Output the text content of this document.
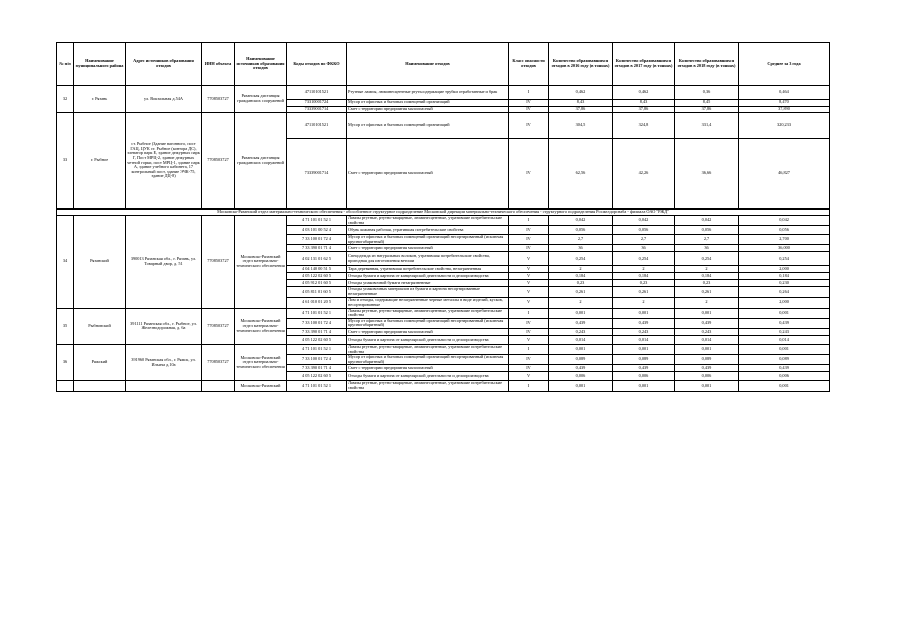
№ п/п	Наименование муниципального района	Адрес источников образования отходов	ИНН объекта	Наименование источников образования отходов	Коды отходов по ФККО	Наименование отходов	Класс опасности отходов	Количество образовавшихся отходов в 2016 году (в тоннах)	Количество образовавшихся отходов в 2017 году (в тоннах)	Количество образовавшихся отходов в 2018 году (в тоннах)	Среднее за 3 года
32	г. Рязань	ул. Вокзальная д.54А	7708503727	Рязанская дистанция гражданских сооружений	47110101521	Ртутные лампы, люминесцентные ртутьсодержащие трубки отработанные и брак	I	0,462	0,462	0,36	0,464
					73310001724	Мусор от офисных и бытовых помещений организаций	IV	8,43	8,43	8,45	8,470
					73339001714	Смет с территории предприятия малоопасный	IV	37,86	37,86	37,86	37,890
33	г. Рыбное	ст. Рыбное (Здание вагонного, пост ГАЦ, ЦУК ст. Рыбное (контора ДС), элеватор парк Е, здание дежурных парк Г, Пост МРЦ-2, здание дежурных четной горки, пост МРЦ-1, здание парк А, здание учебного кабинета, 17 контрольный пост, здание ЭЧК-75, здание ДЦ-8)	7708503727	Рязанская дистанция гражданских сооружений	47110101521	Мусор от офисных и бытовых помещений организаций	IV	304,5	324,8	331,4	320,233
					73339001714	Смет с территории предприятия малоопасный	IV	62,56	42,26	36,66	46,827
Московско-Рязанский отдел материально-технического обеспечения - обособленное структурное подразделение Московской дирекции материально-технического обеспечения - структурного подразделения Росжелдорснаба - филиала ОАО "РЖД"											
34	Рязанский	390013 Рязанская обл., г. Рязань, ул. Товарный двор, д. 51	7708503727	Московско-Рязанский отдел материально-технического обеспечения	4 71 101 01 52 1	Лампы ртутные, ртутно-кварцевые, люминесцентные, утратившие потребительские свойства	I	0,042	0,042	0,042	0,042
					4 03 101 00 52 4	Обувь кожаная рабочая, утратившая потребительские свойства	IV	0,056	0,056	0,056	0,056
					7 33 100 01 72 4	Мусор от офисных и бытовых помещений организаций несортированный (исключая крупногабаритный)	IV	2,7	2,7	2,7	2,700
					7 33 390 01 71 4	Смет с территории предприятия малоопасный	IV	36	36	36	36,000
					4 02 131 01 62 5	Спецодежда из натуральных волокон, утратившая потребительские свойства, пригодная для изготовления ветоши	V	0,254	0,254	0,254	0,254
					4 04 140 00 51 5	Тара деревянная, утратившая потребительские свойства, незагрязненная	V	2	2	2	2,000
					4 05 122 02 60 5	Отходы бумаги и картона от канцелярской деятельности и делопроизводства	V	0,184	0,184	0,184	0,184
					4 05 912 01 60 5	Отходы упаковочной бумаги незагрязненные	V	0,23	0,23	0,23	0,230
					4 05 811 01 60 5	Отходы упаковочных материалов из бумаги и картона несортированные незагрязненные	V	0,261	0,261	0,261	0,264
					4 61 010 01 20 5	Лом и отходы, содержащие незагрязненные черные металлы в виде изделий, кусков, несортированные	V	2	2	2	2,000
35	Рыбновский	391111 Рязанская обл., г. Рыбное, ул. Железнодорожная, д. 6а	7708503727	Московско-Рязанский отдел материально-технического обеспечения	4 71 101 01 52 1	Лампы ртутные, ртутно-кварцевые, люминесцентные, утратившие потребительские свойства	I	0,001	0,001	0,001	0,001
					7 33 100 01 72 4	Мусор от офисных и бытовых помещений организаций несортированный (исключая крупногабаритный)	IV	0,439	0,439	0,439	0,439
					7 33 390 01 71 4	Смет с территории предприятия малоопасный	IV	0,243	0,243	0,243	0,243
					4 05 122 02 60 5	Отходы бумаги и картона от канцелярской деятельности и делопроизводства	V	0,014	0,014	0,014	0,014
36	Ряжский	391960 Рязанская обл., г. Ряжск, ул. Ильича д.10а	7708503727	Московско-Рязанский отдел материально-технического обеспечения	4 71 101 01 52 1	Лампы ртутные, ртутно-кварцевые, люминесцентные, утратившие потребительские свойства	I	0,001	0,001	0,001	0,001
					7 33 100 01 72 4	Мусор от офисных и бытовых помещений организаций несортированный (исключая крупногабаритный)	IV	0,089	0,089	0,089	0,089
					7 33 390 01 71 4	Смет с территории предприятия малоопасный	IV	0,439	0,439	0,439	0,439
					4 05 122 02 60 5	Отходы бумаги и картона от канцелярской деятельности и делопроизводства	V	0,006	0,006	0,006	0,006
				Московско-Рязанский	4 71 101 01 52 1	Лампы ртутные, ртутно-кварцевые, люминесцентные, утратившие потребительские свойства	I	0,001	0,001	0,001	0,001
